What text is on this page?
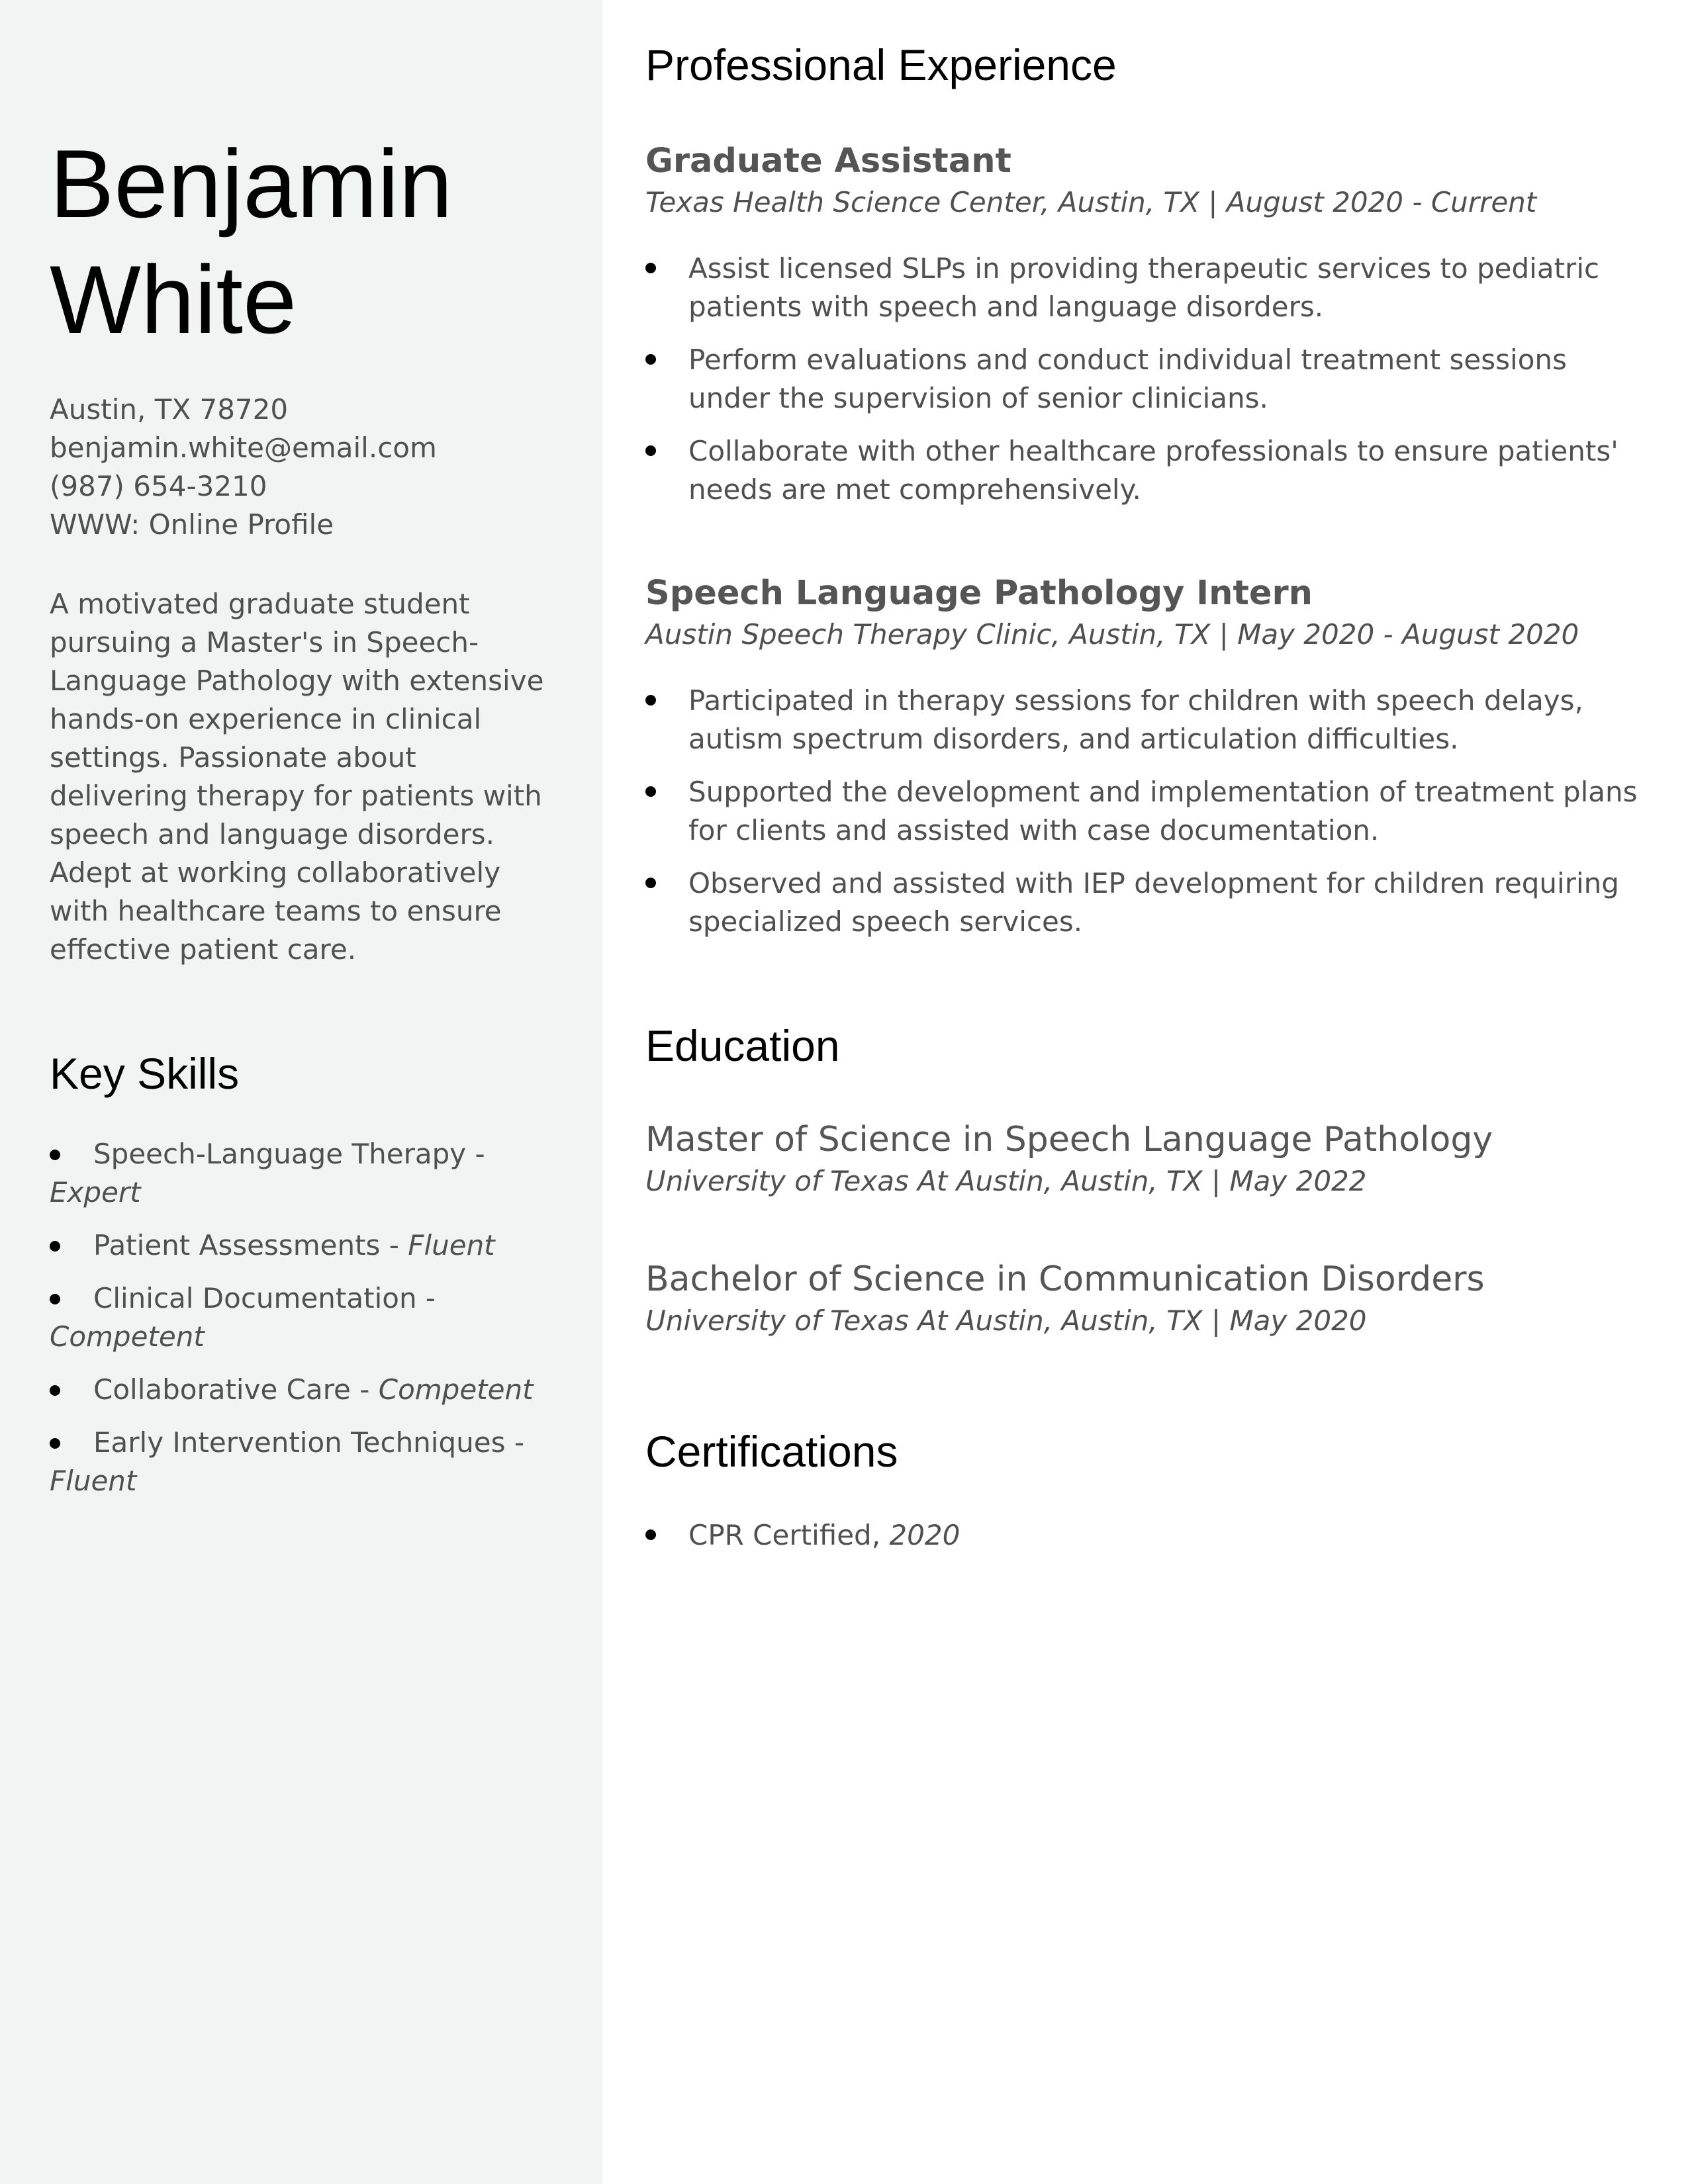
Benjamin
White
Austin, TX 78720
benjamin.white@email.com
(987) 654-3210
WWW: Online Profile

A motivated graduate student pursuing a Master's in Speech-Language Pathology with extensive hands-on experience in clinical settings. Passionate about delivering therapy for patients with speech and language disorders. Adept at working collaboratively with healthcare teams to ensure effective patient care.

Key Skills
Speech-Language Therapy - Expert
Patient Assessments - Fluent
Clinical Documentation - Competent
Collaborative Care - Competent
Early Intervention Techniques - Fluent
Professional Experience
Graduate Assistant
Texas Health Science Center, Austin, TX | August 2020 - Current
Assist licensed SLPs in providing therapeutic services to pediatric patients with speech and language disorders.
Perform evaluations and conduct individual treatment sessions under the supervision of senior clinicians.
Collaborate with other healthcare professionals to ensure patients' needs are met comprehensively.
Speech Language Pathology Intern
Austin Speech Therapy Clinic, Austin, TX | May 2020 - August 2020
Participated in therapy sessions for children with speech delays, autism spectrum disorders, and articulation difficulties.
Supported the development and implementation of treatment plans for clients and assisted with case documentation.
Observed and assisted with IEP development for children requiring specialized speech services.
Education
Master of Science in Speech Language Pathology
University of Texas At Austin, Austin, TX | May 2022
Bachelor of Science in Communication Disorders
University of Texas At Austin, Austin, TX | May 2020
Certifications
CPR Certified, 2020
